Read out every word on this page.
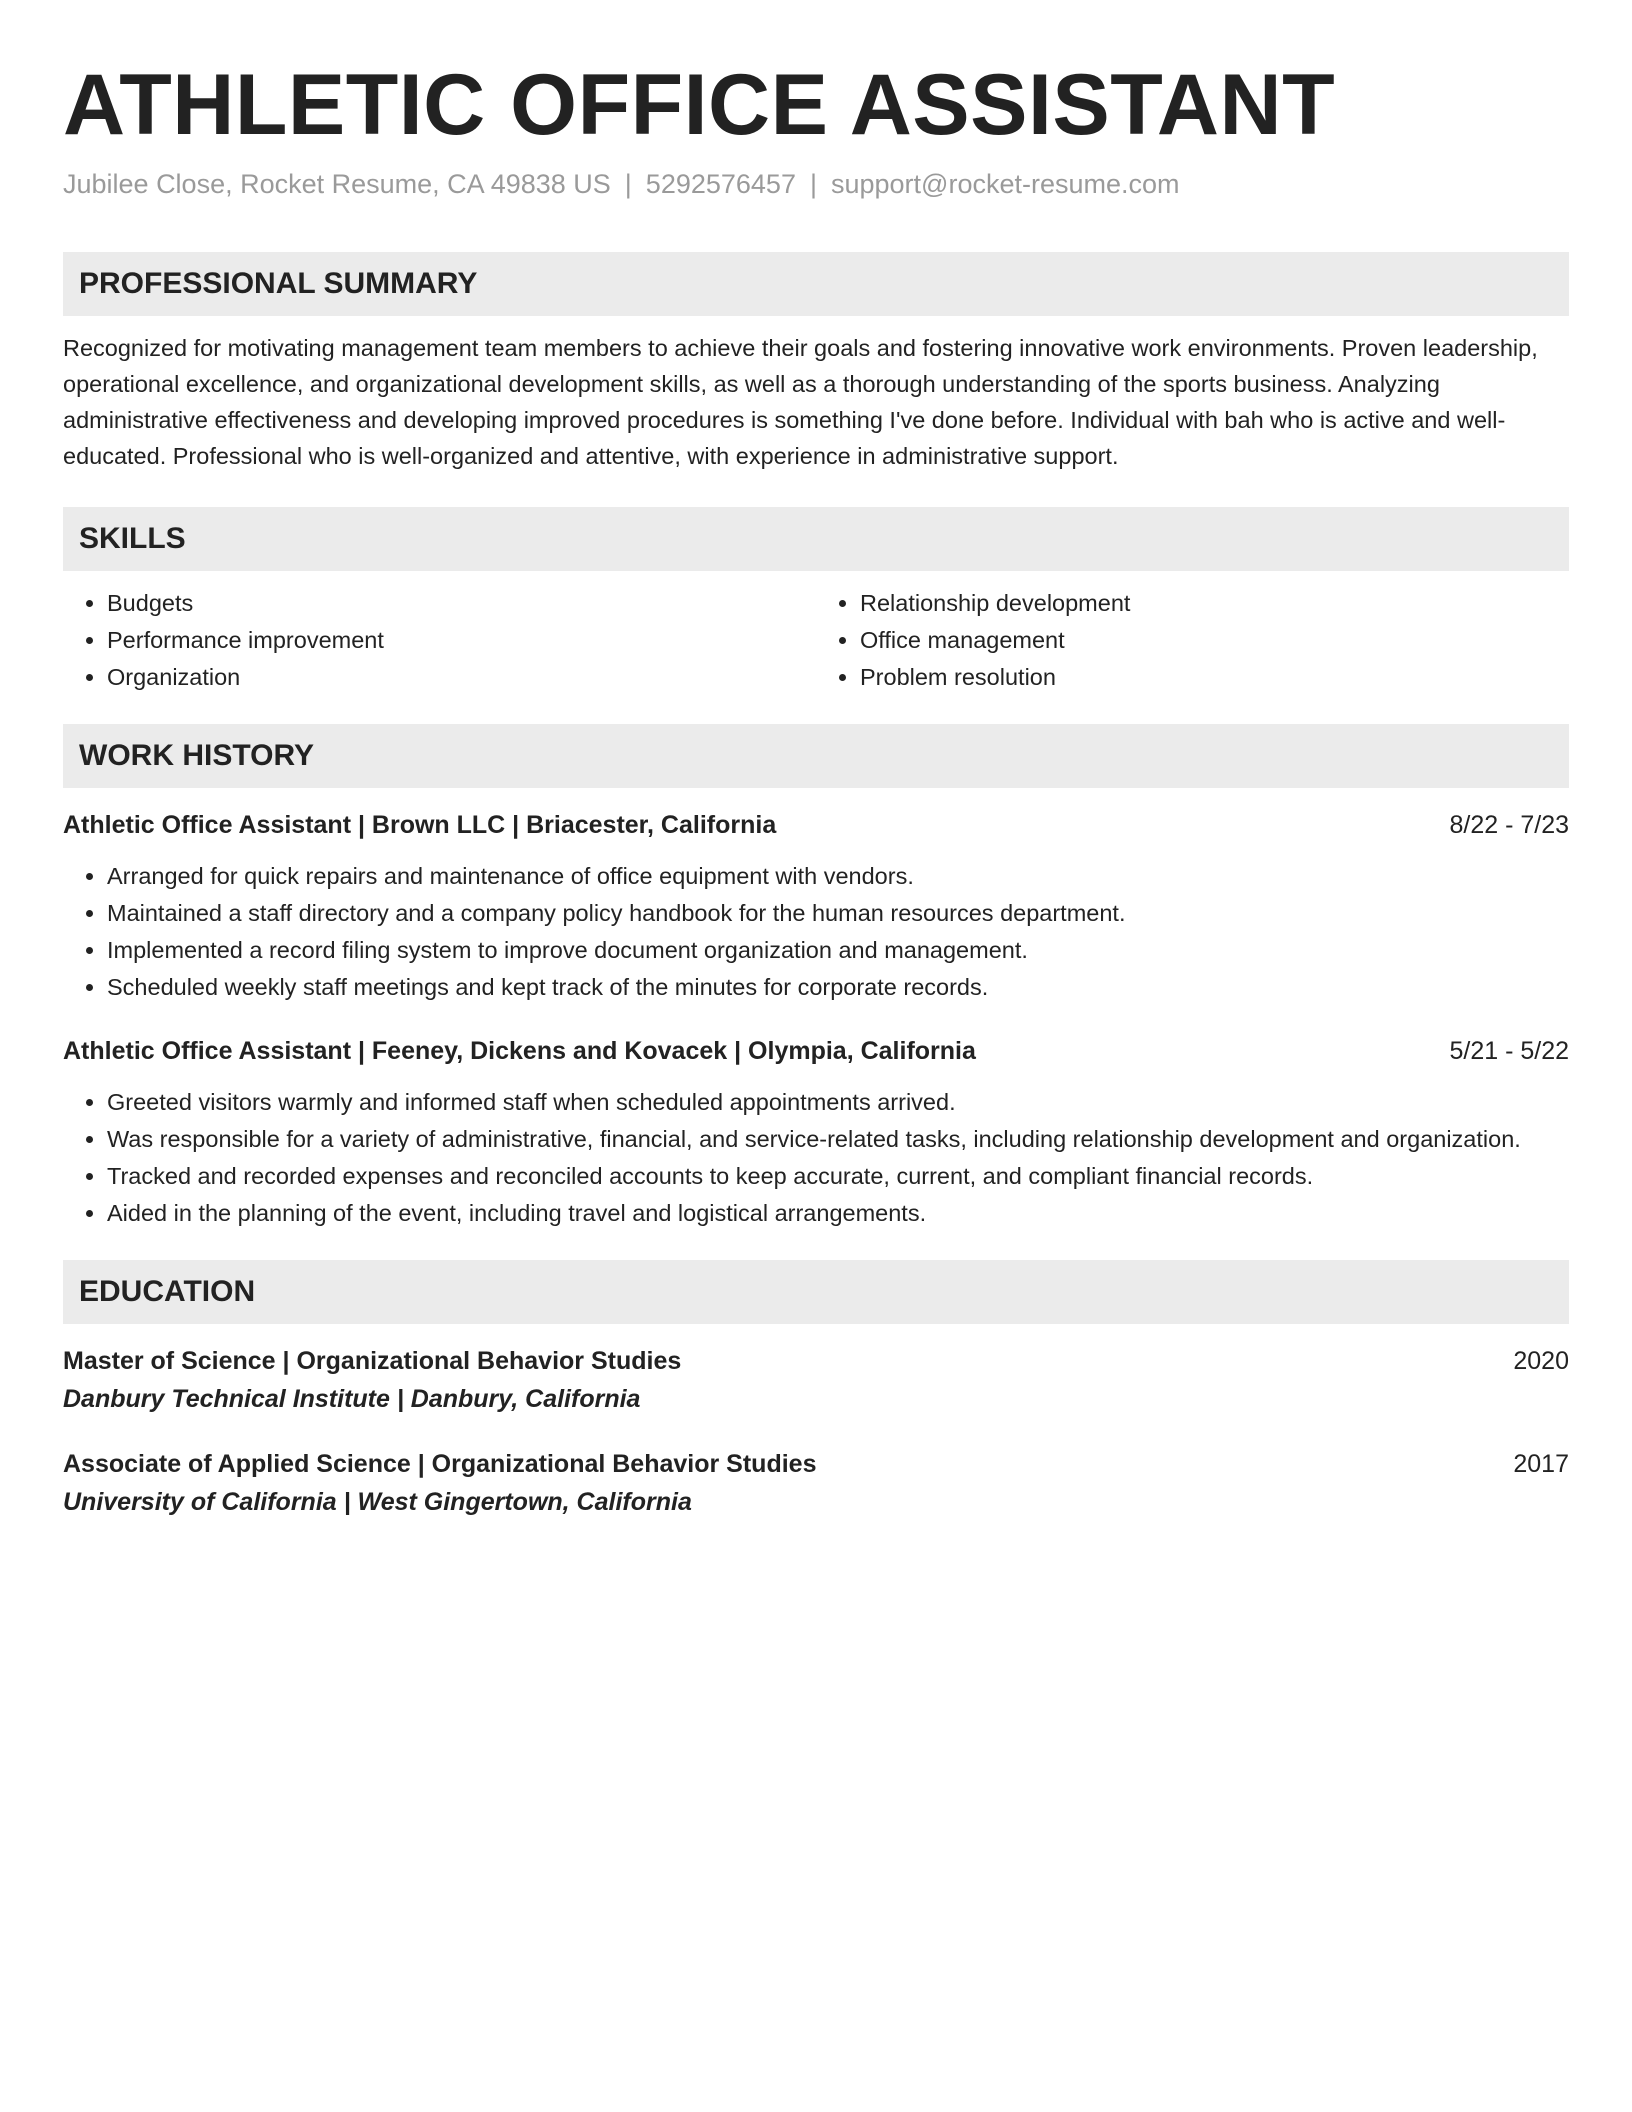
ATHLETIC OFFICE ASSISTANT
Jubilee Close, Rocket Resume, CA 49838 US | 5292576457 | support@rocket-resume.com
PROFESSIONAL SUMMARY
Recognized for motivating management team members to achieve their goals and fostering innovative work environments. Proven leadership, operational excellence, and organizational development skills, as well as a thorough understanding of the sports business. Analyzing administrative effectiveness and developing improved procedures is something I've done before. Individual with bah who is active and well-educated. Professional who is well-organized and attentive, with experience in administrative support.
SKILLS
• Budgets
• Performance improvement
• Organization
• Relationship development
• Office management
• Problem resolution
WORK HISTORY
Athletic Office Assistant | Brown LLC | Briacester, California	8/22 - 7/23
• Arranged for quick repairs and maintenance of office equipment with vendors.
• Maintained a staff directory and a company policy handbook for the human resources department.
• Implemented a record filing system to improve document organization and management.
• Scheduled weekly staff meetings and kept track of the minutes for corporate records.
Athletic Office Assistant | Feeney, Dickens and Kovacek | Olympia, California	5/21 - 5/22
• Greeted visitors warmly and informed staff when scheduled appointments arrived.
• Was responsible for a variety of administrative, financial, and service-related tasks, including relationship development and organization.
• Tracked and recorded expenses and reconciled accounts to keep accurate, current, and compliant financial records.
• Aided in the planning of the event, including travel and logistical arrangements.
EDUCATION
Master of Science | Organizational Behavior Studies	2020
Danbury Technical Institute | Danbury, California
Associate of Applied Science | Organizational Behavior Studies	2017
University of California | West Gingertown, California
